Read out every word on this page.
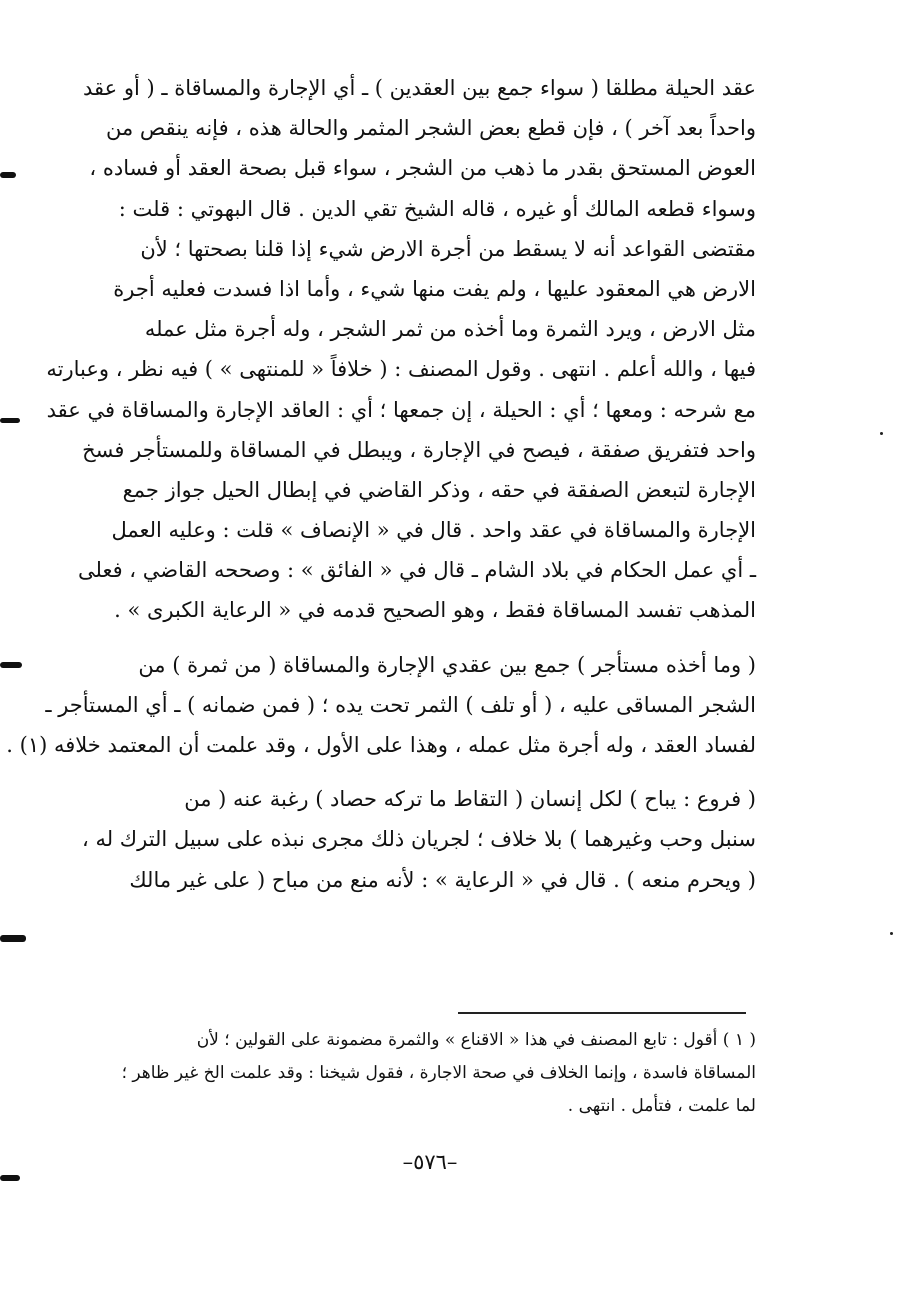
عقد الحيلة مطلقا ( سواء جمع بين العقدين ) ـ أي الإجارة والمساقاة ـ ( أو عقد
واحداً بعد آخر ) ، فإن قطع بعض الشجر المثمر والحالة هذه ، فإنه ينقص من
العوض المستحق بقدر ما ذهب من الشجر ، سواء قبل بصحة العقد أو فساده ،
وسواء قطعه المالك أو غيره ، قاله الشيخ تقي الدين . قال البهوتي : قلت :
مقتضى القواعد أنه لا يسقط من أجرة الارض شيء إذا قلنا بصحتها ؛ لأن
الارض هي المعقود عليها ، ولم يفت منها شيء ، وأما اذا فسدت فعليه أجرة
مثل الارض ، ويرد الثمرة وما أخذه من ثمر الشجر ، وله أجرة مثل عمله
فيها ، والله أعلم . انتهى . وقول المصنف : ( خلافاً « للمنتهى » ) فيه نظر ، وعبارته
مع شرحه : ومعها ؛ أي : الحيلة ، إن جمعها ؛ أي : العاقد الإجارة والمساقاة في عقد
واحد فتفريق صفقة ، فيصح في الإجارة ، ويبطل في المساقاة وللمستأجر فسخ
الإجارة لتبعض الصفقة في حقه ، وذكر القاضي في إبطال الحيل جواز جمع
الإجارة والمساقاة في عقد واحد . قال في « الإنصاف » قلت : وعليه العمل
ـ أي عمل الحكام في بلاد الشام ـ قال في « الفائق » : وصححه القاضي ، فعلى
المذهب تفسد المساقاة فقط ، وهو الصحيح قدمه في « الرعاية الكبرى » .
( وما أخذه مستأجر ) جمع بين عقدي الإجارة والمساقاة ( من ثمرة ) من
الشجر المساقى عليه ، ( أو تلف ) الثمر تحت يده ؛ ( فمن ضمانه ) ـ أي المستأجر ـ
لفساد العقد ، وله أجرة مثل عمله ، وهذا على الأول ، وقد علمت أن المعتمد خلافه (١) .
( فروع : يباح ) لكل إنسان ( التقاط ما تركه حصاد ) رغبة عنه ( من
سنبل وحب وغيرهما ) بلا خلاف ؛ لجريان ذلك مجرى نبذه على سبيل الترك له ،
( ويحرم منعه ) . قال في « الرعاية » : لأنه منع من مباح ( على غير مالك
( ١ ) أقول : تابع المصنف في هذا « الاقناع » والثمرة مضمونة على القولين ؛ لأن
المساقاة فاسدة ، وإنما الخلاف في صحة الاجارة ، فقول شيخنا : وقد علمت الخ غير ظاهر ؛
لما علمت ، فتأمل . انتهى .
–٥٧٦–
